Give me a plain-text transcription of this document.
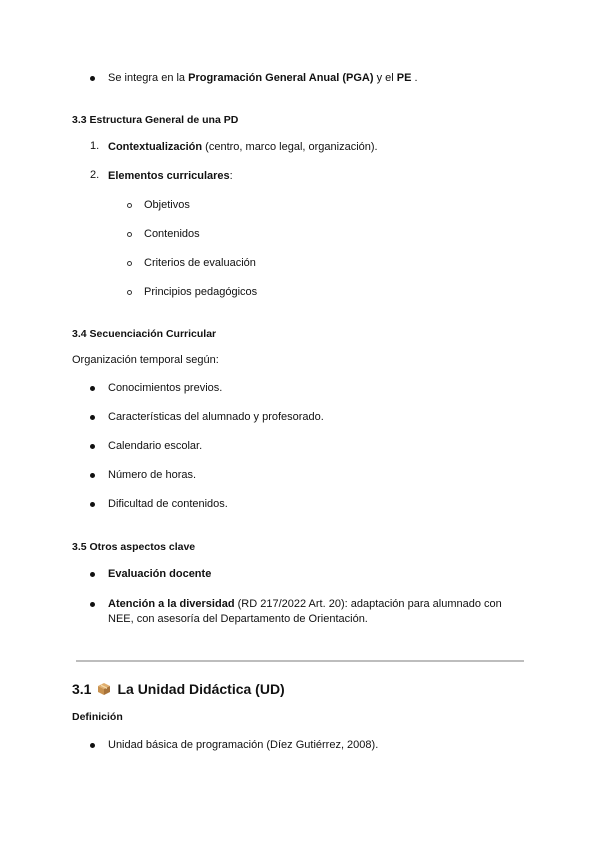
Se integra en la Programación General Anual (PGA) y el PE .
3.3 Estructura General de una PD
1. Contextualización (centro, marco legal, organización).
2. Elementos curriculares:
Objetivos
Contenidos
Criterios de evaluación
Principios pedagógicos
3.4 Secuenciación Curricular
Organización temporal según:
Conocimientos previos.
Características del alumnado y profesorado.
Calendario escolar.
Número de horas.
Dificultad de contenidos.
3.5 Otros aspectos clave
Evaluación docente
Atención a la diversidad (RD 217/2022 Art. 20): adaptación para alumnado con
NEE, con asesoría del Departamento de Orientación.
3.1 La Unidad Didáctica (UD)
Definición
Unidad básica de programación (Díez Gutiérrez, 2008).
